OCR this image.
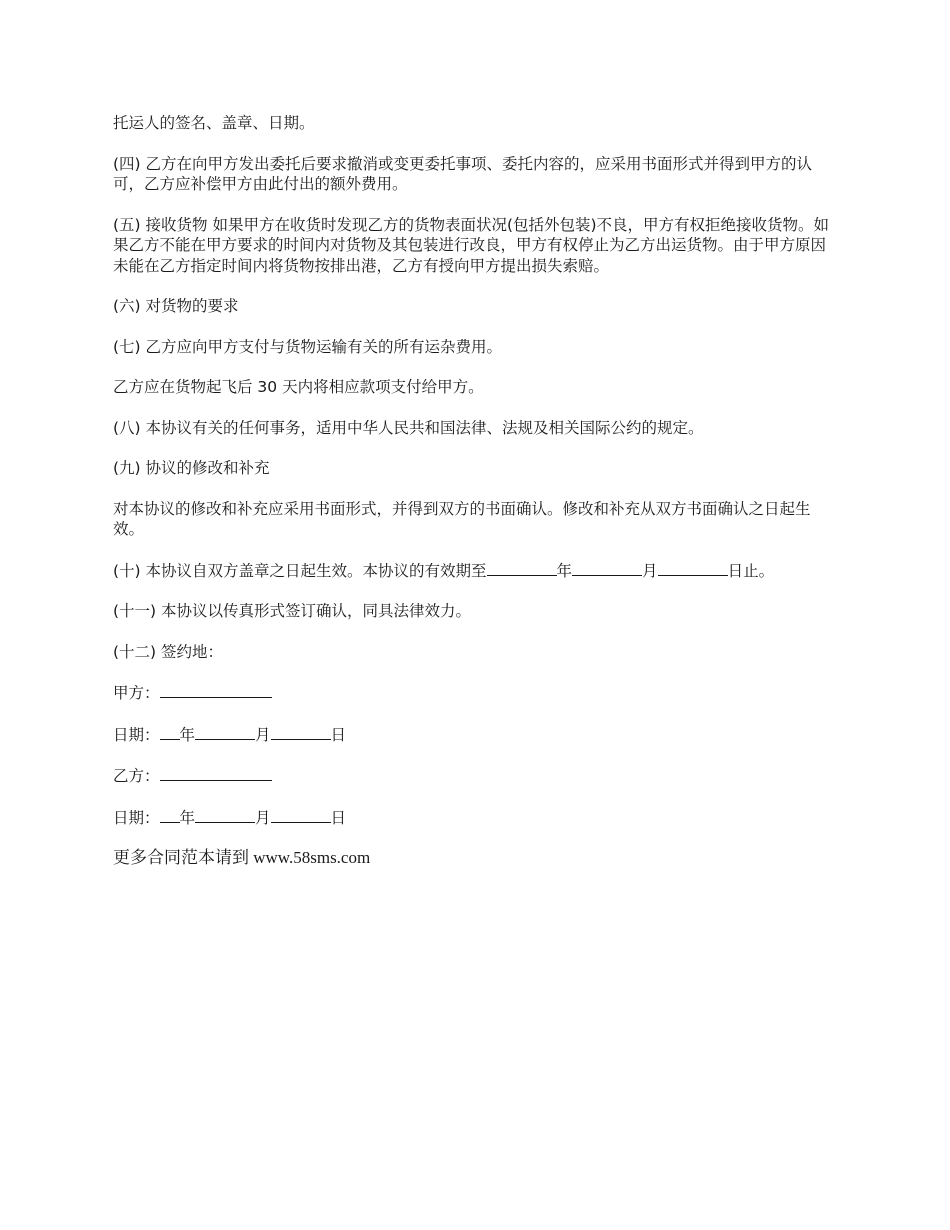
托运人的签名、盖章、日期。

(四) 乙方在向甲方发出委托后要求撤消或变更委托事项、委托内容的，应采用书面形式并得到甲方的认可，乙方应补偿甲方由此付出的额外费用。

(五) 接收货物 如果甲方在收货时发现乙方的货物表面状况(包括外包装)不良，甲方有权拒绝接收货物。如果乙方不能在甲方要求的时间内对货物及其包装进行改良，甲方有权停止为乙方出运货物。由于甲方原因未能在乙方指定时间内将货物按排出港，乙方有授向甲方提出损失索赔。

(六) 对货物的要求

(七) 乙方应向甲方支付与货物运输有关的所有运杂费用。

乙方应在货物起飞后 30 天内将相应款项支付给甲方。

(八) 本协议有关的任何事务，适用中华人民共和国法律、法规及相关国际公约的规定。

(九) 协议的修改和补充

对本协议的修改和补充应采用书面形式，并得到双方的书面确认。修改和补充从双方书面确认之日起生效。

(十) 本协议自双方盖章之日起生效。本协议的有效期至	年	月	日止。

(十一) 本协议以传真形式签订确认，同具法律效力。

(十二) 签约地：

甲方：

日期： 年	月	日

乙方：

日期： 年	月	日

更多合同范本请到 www.58sms.com
